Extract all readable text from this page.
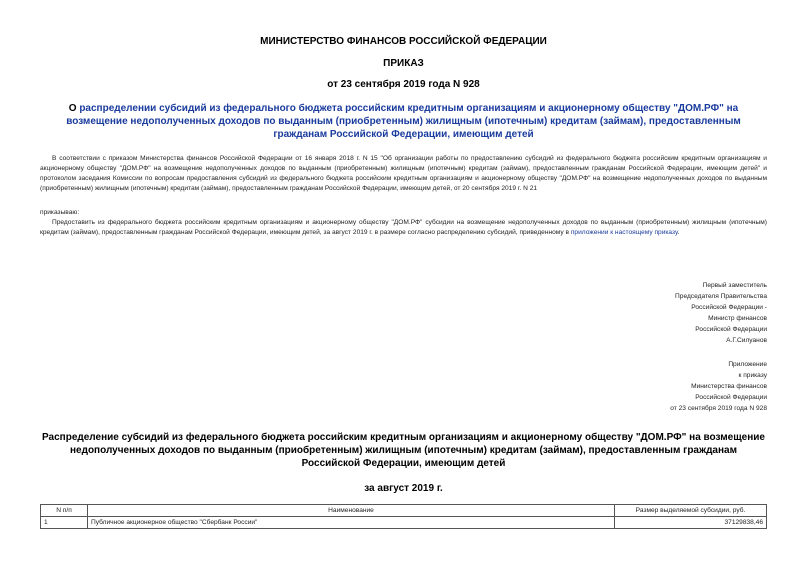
МИНИСТЕРСТВО ФИНАНСОВ РОССИЙСКОЙ ФЕДЕРАЦИИ
ПРИКАЗ
от 23 сентября 2019 года N 928
О распределении субсидий из федерального бюджета российским кредитным организациям и акционерному обществу "ДОМ.РФ" на возмещение недополученных доходов по выданным (приобретенным) жилищным (ипотечным) кредитам (займам), предоставленным гражданам Российской Федерации, имеющим детей
В соответствии с приказом Министерства финансов Российской Федерации от 16 января 2018 г. N 15 "Об организации работы по предоставлению субсидий из федерального бюджета российским кредитным организациям и акционерному обществу "ДОМ.РФ" на возмещение недополученных доходов по выданным (приобретенным) жилищным (ипотечным) кредитам (займам), предоставленным гражданам Российской Федерации, имеющим детей" и протоколом заседания Комиссии по вопросам предоставления субсидий из федерального бюджета российским кредитным организациям и акционерному обществу "ДОМ.РФ" на возмещение недополученных доходов по выданным (приобретенным) жилищным (ипотечным) кредитам (займам), предоставленным гражданам Российской Федерации, имеющим детей, от 20 сентября 2019 г. N 21
приказываю:
Предоставить из федерального бюджета российским кредитным организациям и акционерному обществу "ДОМ.РФ" субсидии на возмещение недополученных доходов по выданным (приобретенным) жилищным (ипотечным) кредитам (займам), предоставленным гражданам Российской Федерации, имеющим детей, за август 2019 г. в размере согласно распределению субсидий, приведенному в приложении к настоящему приказу.
Первый заместитель
Председателя Правительства
Российской Федерации -
Министр финансов
Российской Федерации
А.Г.Силуанов
Приложение
к приказу
Министерства финансов
Российской Федерации
от 23 сентября 2019 года N 928
Распределение субсидий из федерального бюджета российским кредитным организациям и акционерному обществу "ДОМ.РФ" на возмещение недополученных доходов по выданным (приобретенным) жилищным (ипотечным) кредитам (займам), предоставленным гражданам Российской Федерации, имеющим детей
за август 2019 г.
N п/п	Наименование	Размер выделяемой субсидии, руб.
1	Публичное акционерное общество "Сбербанк России"	37129838,46
